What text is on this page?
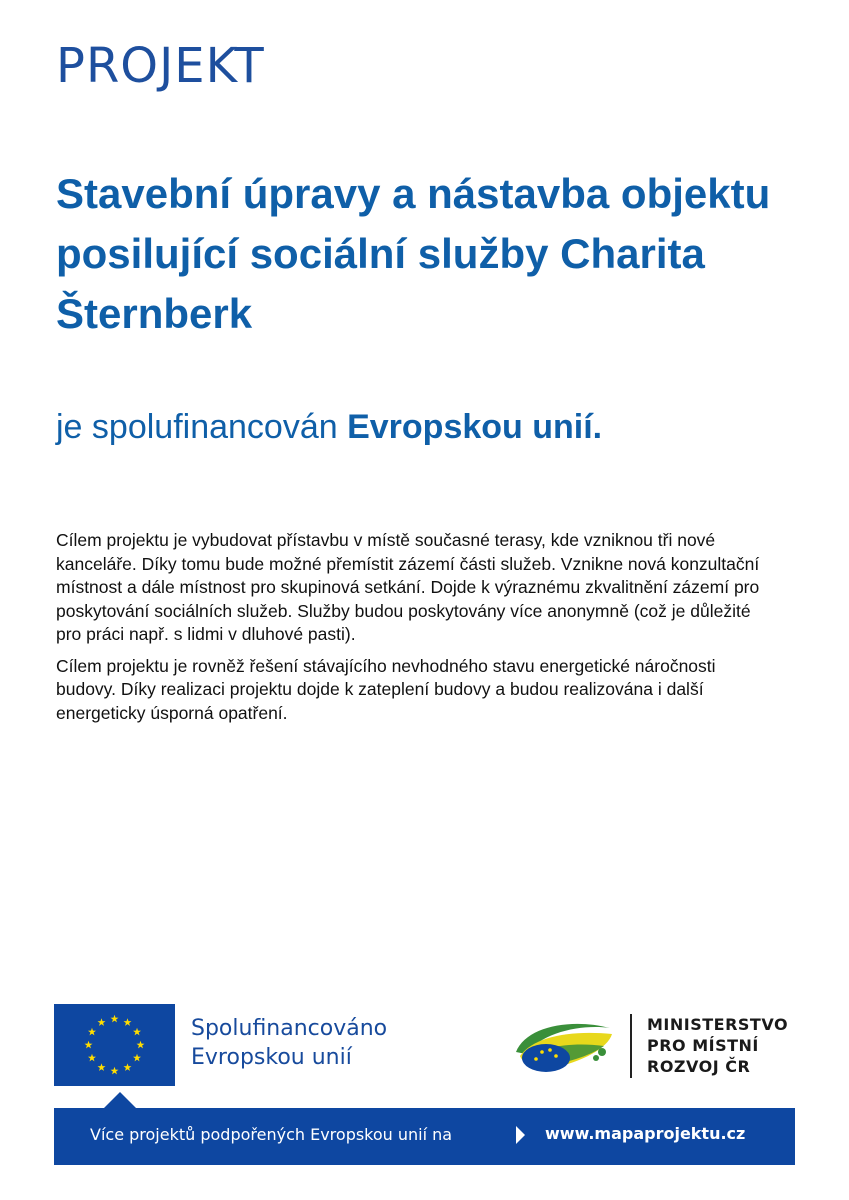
PROJEKT
Stavební úpravy a nástavba objektu posilující sociální služby Charita Šternberk

je spolufinancován Evropskou unií.

Cílem projektu je vybudovat přístavbu v místě současné terasy, kde vzniknou tři nové kanceláře. Díky tomu bude možné přemístit zázemí části služeb. Vznikne nová konzultační místnost a dále místnost pro skupinová setkání. Dojde k výraznému zkvalitnění zázemí pro poskytování sociálních služeb. Služby budou poskytovány více anonymně (což je důležité pro práci např. s lidmi v dluhové pasti).

Cílem projektu je rovněž řešení stávajícího nevhodného stavu energetické náročnosti budovy. Díky realizaci projektu dojde k zateplení budovy a budou realizována i další energeticky úsporná opatření.

Spolufinancováno
Evropskou unií
MINISTERSTVO
PRO MÍSTNÍ
ROZVOJ ČR
Více projektů podpořených Evropskou unií na	www.mapaprojektu.cz
